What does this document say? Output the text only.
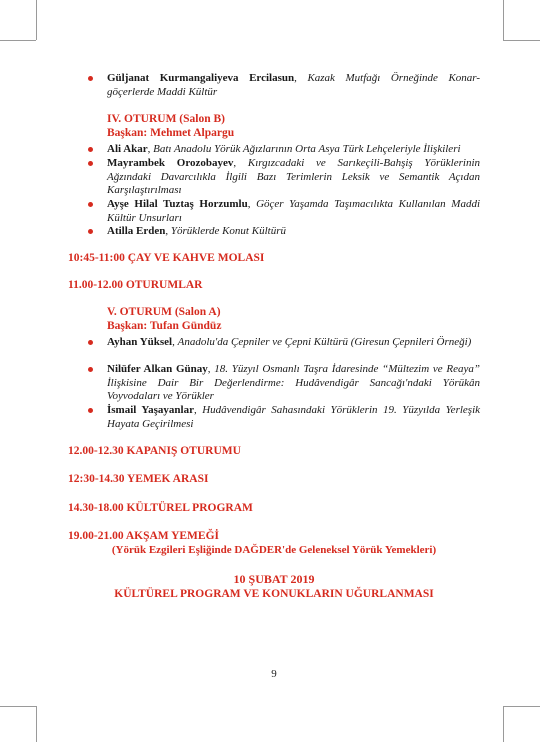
Güljanat Kurmangaliyeva Ercilasun, Kazak Mutfağı Örneğinde Konar-göçerlerde Maddi Kültür
IV. OTURUM (Salon B)
Başkan: Mehmet Alpargu
Ali Akar, Batı Anadolu Yörük Ağızlarının Orta Asya Türk Lehçeleriyle İlişkileri
Mayrambek Orozobayev, Kırgızcadaki ve Sarıkeçili-Bahşiş Yörüklerinin Ağzındaki Davarcılıkla İlgili Bazı Terimlerin Leksik ve Semantik Açıdan Karşılaştırılması
Ayşe Hilal Tuztaş Horzumlu, Göçer Yaşamda Taşımacılıkta Kullanılan Maddi Kültür Unsurları
Atilla Erden, Yörüklerde Konut Kültürü
10:45-11:00 ÇAY VE KAHVE MOLASI
11.00-12.00 OTURUMLAR
V. OTURUM (Salon A)
Başkan: Tufan Gündüz
Ayhan Yüksel, Anadolu'da Çepniler ve Çepni Kültürü (Giresun Çepnileri Örneği)
Nilüfer Alkan Günay, 18. Yüzyıl Osmanlı Taşra İdaresinde “Mültezim ve Reaya” İlişkisine Dair Bir Değerlendirme: Hudâvendigâr Sancağı'ndaki Yörükân Voyvodaları ve Yörükler
İsmail Yaşayanlar, Hudâvendigâr Sahasındaki Yörüklerin 19. Yüzyılda Yerleşik Hayata Geçirilmesi
12.00-12.30 KAPANIŞ OTURUMU
12:30-14.30 YEMEK ARASI
14.30-18.00 KÜLTÜREL PROGRAM
19.00-21.00 AKŞAM YEMEĞİ
(Yörük Ezgileri Eşliğinde DAĞDER'de Geleneksel Yörük Yemekleri)
10 ŞUBAT 2019
KÜLTÜREL PROGRAM VE KONUKLARIN UĞURLANMASI
9
